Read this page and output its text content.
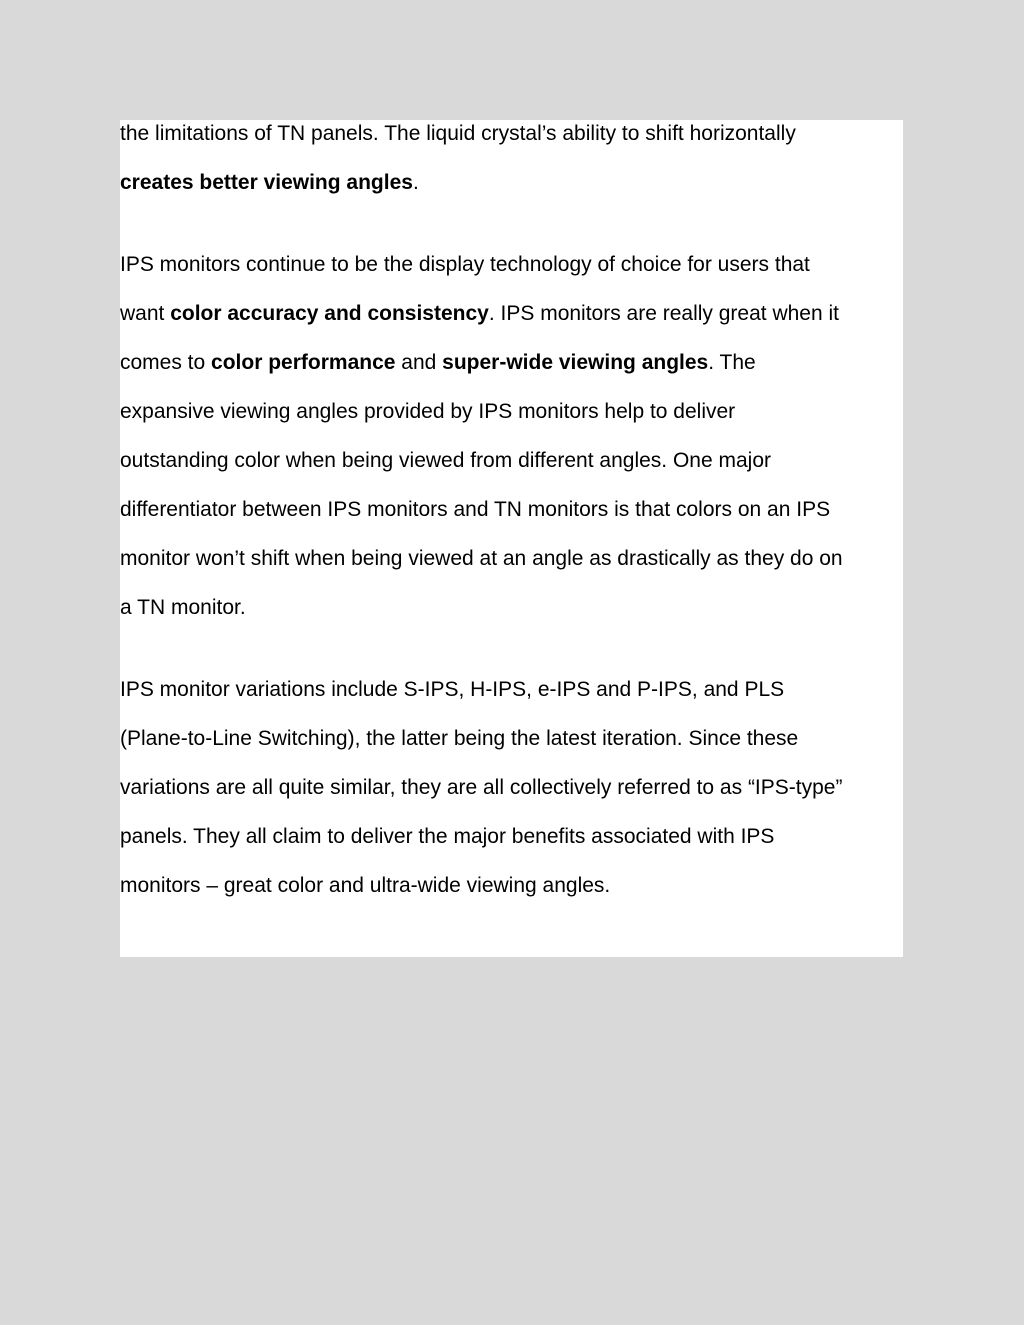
the limitations of TN panels. The liquid crystal’s ability to shift horizontally
creates better viewing angles.

IPS monitors continue to be the display technology of choice for users that
want color accuracy and consistency. IPS monitors are really great when it
comes to color performance and super-wide viewing angles. The
expansive viewing angles provided by IPS monitors help to deliver
outstanding color when being viewed from different angles. One major
differentiator between IPS monitors and TN monitors is that colors on an IPS
monitor won’t shift when being viewed at an angle as drastically as they do on
a TN monitor.

IPS monitor variations include S-IPS, H-IPS, e-IPS and P-IPS, and PLS
(Plane-to-Line Switching), the latter being the latest iteration. Since these
variations are all quite similar, they are all collectively referred to as “IPS-type”
panels. They all claim to deliver the major benefits associated with IPS
monitors – great color and ultra-wide viewing angles.
